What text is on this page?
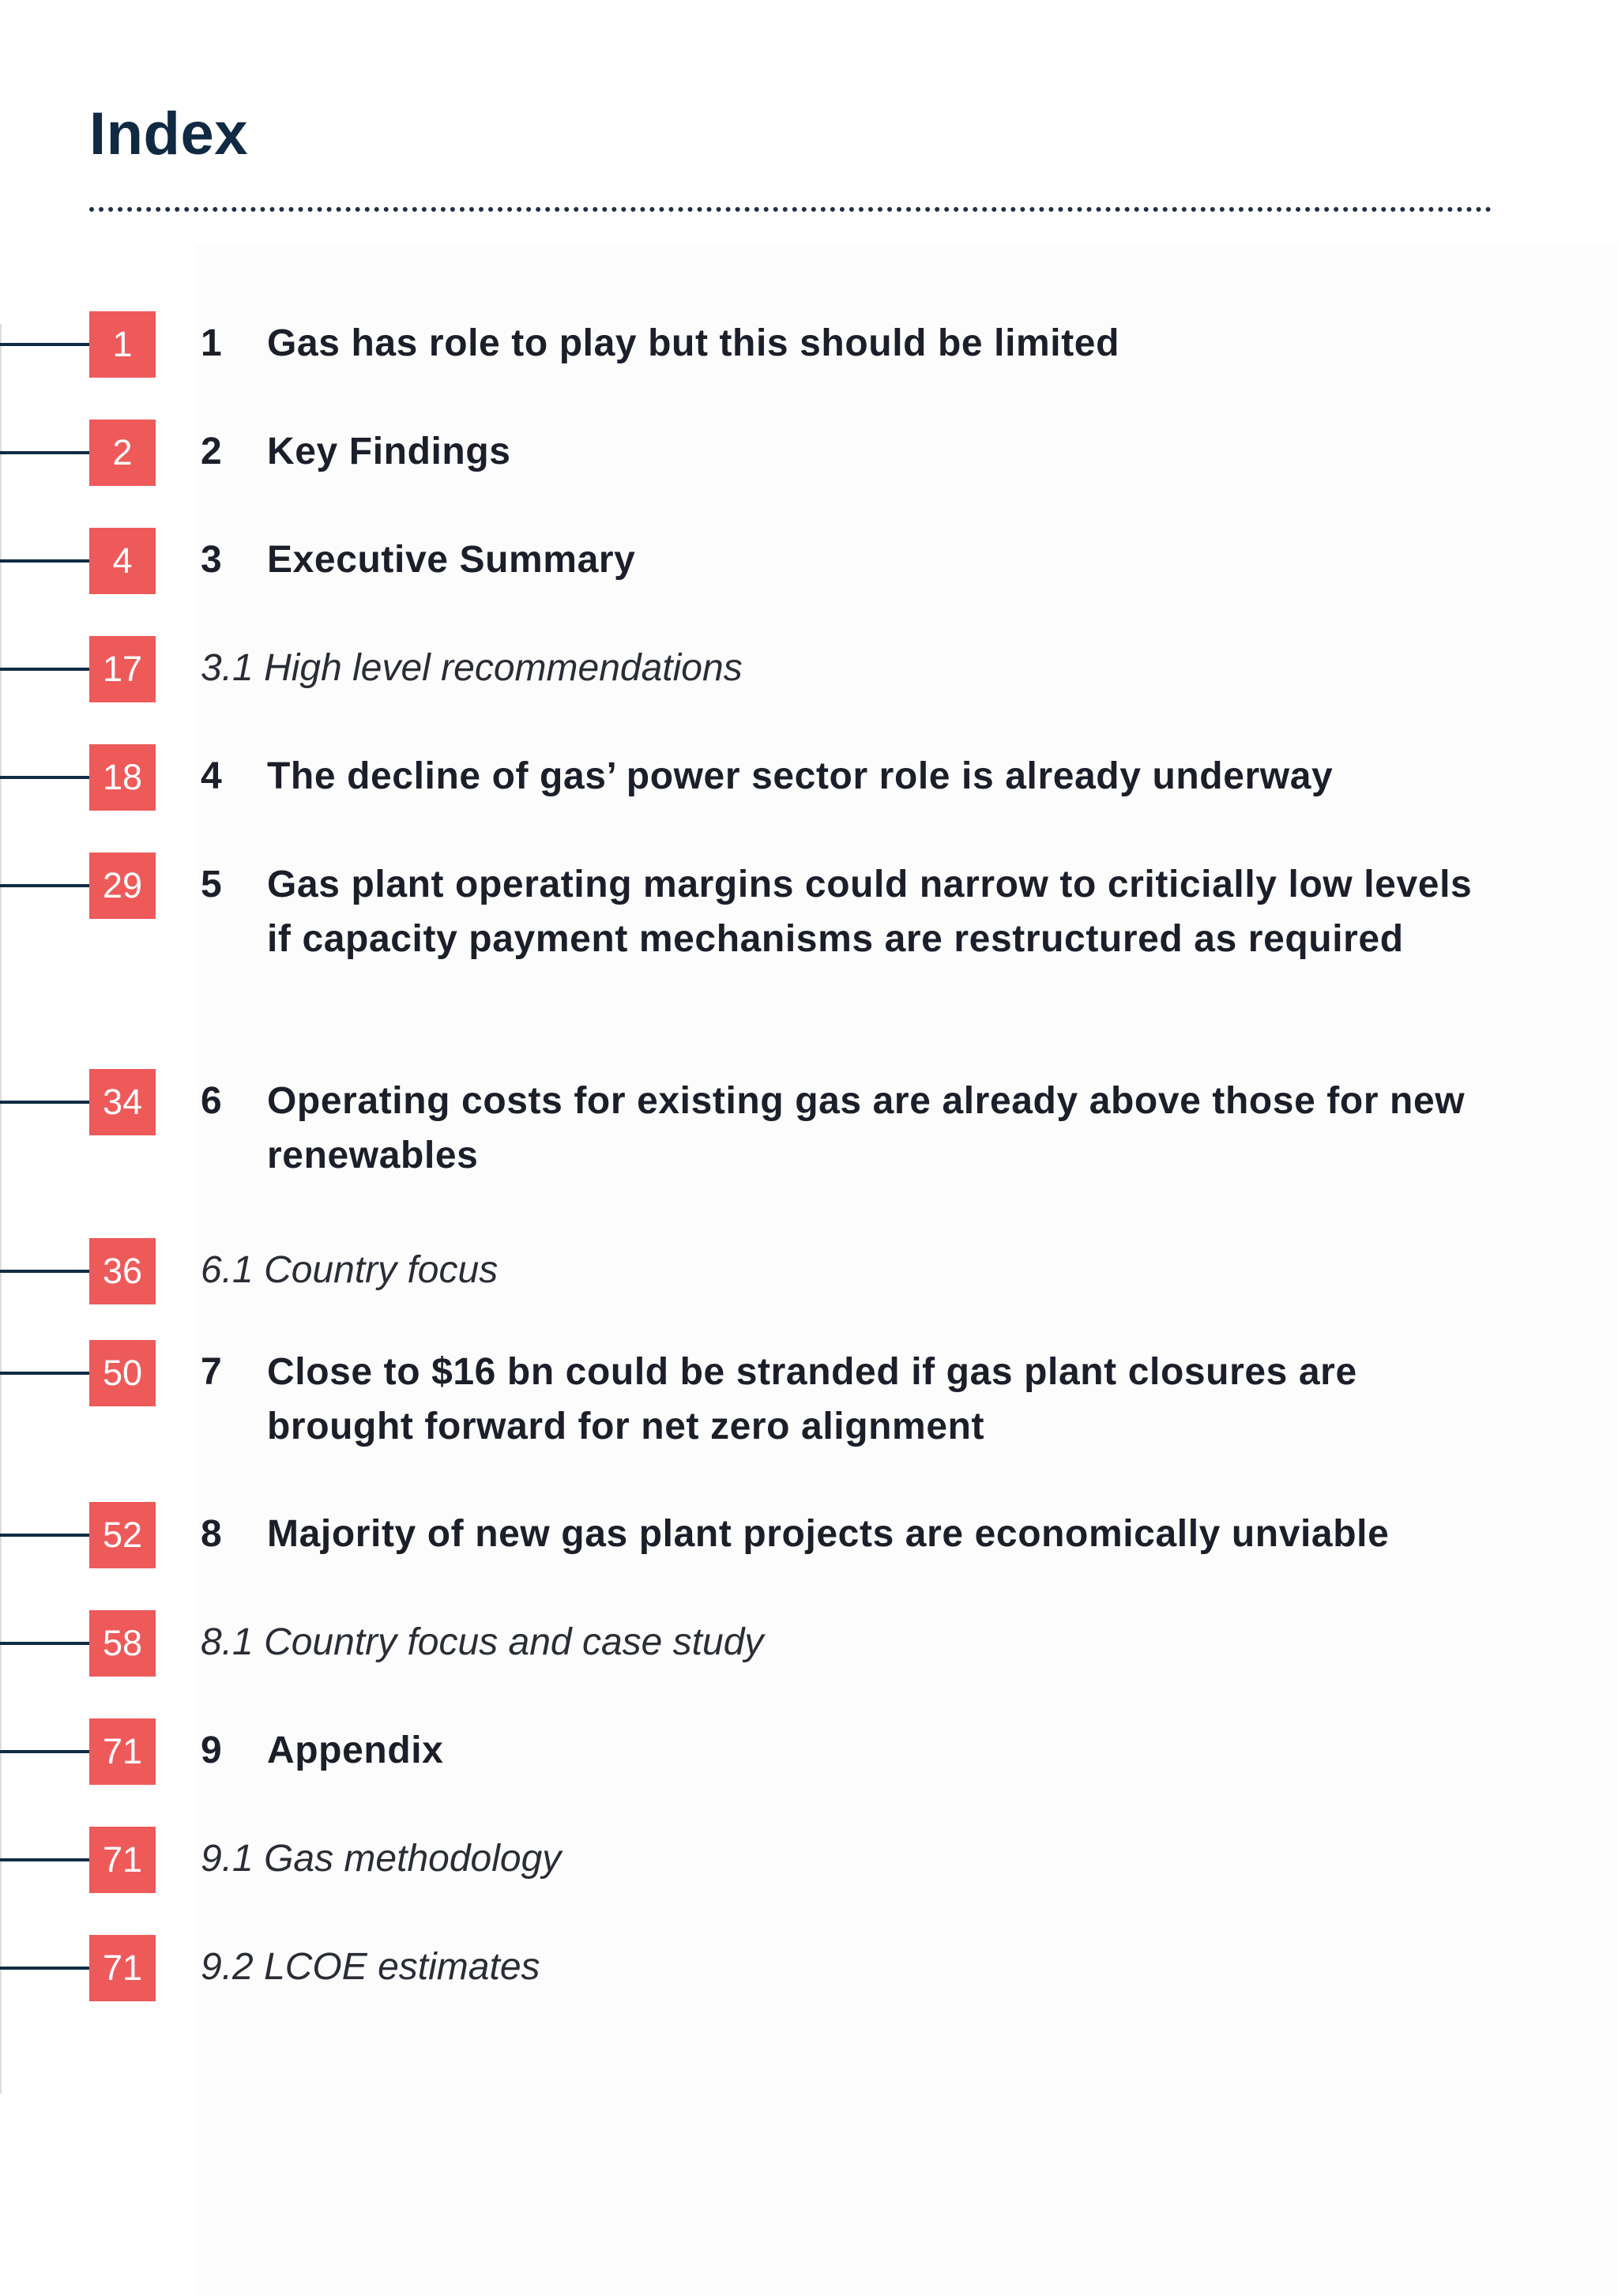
Index
1	1	Gas has role to play but this should be limited
2	2	Key Findings
4	3	Executive Summary
17	3.1 High level recommendations
18	4	The decline of gas’ power sector role is already underway
29	5	Gas plant operating margins could narrow to criticially low levels if capacity payment mechanisms are restructured as required
34	6	Operating costs for existing gas are already above those for new renewables
36	6.1 Country focus
50	7	Close to $16 bn could be stranded if gas plant closures are brought forward for net zero alignment
52	8	Majority of new gas plant projects are economically unviable
58	8.1 Country focus and case study
71	9	Appendix
71	9.1 Gas methodology
71	9.2 LCOE estimates
